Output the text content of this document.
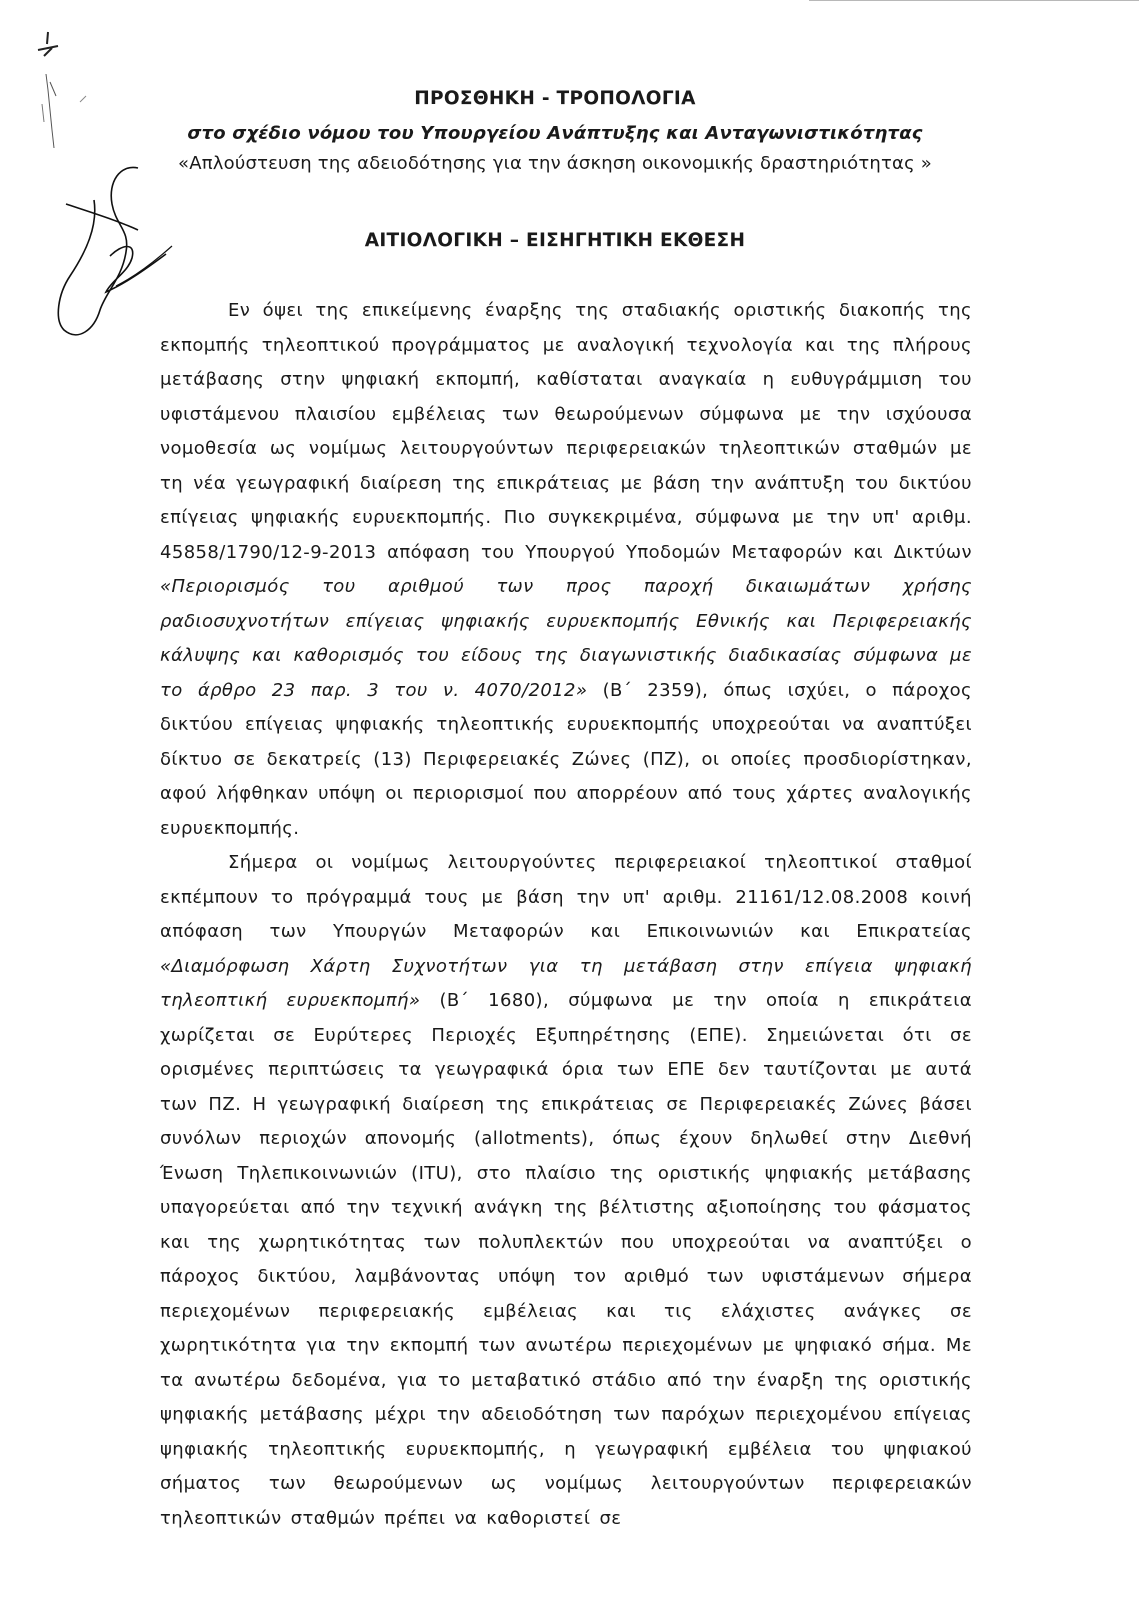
ΠΡΟΣΘΗΚΗ - ΤΡΟΠΟΛΟΓΙΑ
στο σχέδιο νόμου του Υπουργείου Ανάπτυξης και Ανταγωνιστικότητας
«Απλούστευση της αδειοδότησης για την άσκηση οικονομικής δραστηριότητας »
ΑΙΤΙΟΛΟΓΙΚΗ – ΕΙΣΗΓΗΤΙΚΗ ΕΚΘΕΣΗ

Εν όψει της επικείμενης έναρξης της σταδιακής οριστικής διακοπής της εκπομπής τηλεοπτικού προγράμματος με αναλογική τεχνολογία και της πλήρους μετάβασης στην ψηφιακή εκπομπή, καθίσταται αναγκαία η ευθυγράμμιση του υφιστάμενου πλαισίου εμβέλειας των θεωρούμενων σύμφωνα με την ισχύουσα νομοθεσία ως νομίμως λειτουργούντων περιφερειακών τηλεοπτικών σταθμών με τη νέα γεωγραφική διαίρεση της επικράτειας με βάση την ανάπτυξη του δικτύου επίγειας ψηφιακής ευρυεκπομπής. Πιο συγκεκριμένα, σύμφωνα με την υπ' αριθμ. 45858/1790/12-9-2013 απόφαση του Υπουργού Υποδομών Μεταφορών και Δικτύων «Περιορισμός του αριθμού των προς παροχή δικαιωμάτων χρήσης ραδιοσυχνοτήτων επίγειας ψηφιακής ευρυεκπομπής Εθνικής και Περιφερειακής κάλυψης και καθορισμός του είδους της διαγωνιστικής διαδικασίας σύμφωνα με το άρθρο 23 παρ. 3 του ν. 4070/2012» (Β΄ 2359), όπως ισχύει, ο πάροχος δικτύου επίγειας ψηφιακής τηλεοπτικής ευρυεκπομπής υποχρεούται να αναπτύξει δίκτυο σε δεκατρείς (13) Περιφερειακές Ζώνες (ΠΖ), οι οποίες προσδιορίστηκαν, αφού λήφθηκαν υπόψη οι περιορισμοί που απορρέουν από τους χάρτες αναλογικής ευρυεκπομπής.

Σήμερα οι νομίμως λειτουργούντες περιφερειακοί τηλεοπτικοί σταθμοί εκπέμπουν το πρόγραμμά τους με βάση την υπ' αριθμ. 21161/12.08.2008 κοινή απόφαση των Υπουργών Μεταφορών και Επικοινωνιών και Επικρατείας «Διαμόρφωση Χάρτη Συχνοτήτων για τη μετάβαση στην επίγεια ψηφιακή τηλεοπτική ευρυεκπομπή» (Β΄ 1680), σύμφωνα με την οποία η επικράτεια χωρίζεται σε Ευρύτερες Περιοχές Εξυπηρέτησης (ΕΠΕ). Σημειώνεται ότι σε ορισμένες περιπτώσεις τα γεωγραφικά όρια των ΕΠΕ δεν ταυτίζονται με αυτά των ΠΖ. Η γεωγραφική διαίρεση της επικράτειας σε Περιφερειακές Ζώνες βάσει συνόλων περιοχών απονομής (allotments), όπως έχουν δηλωθεί στην Διεθνή Ένωση Τηλεπικοινωνιών (ITU), στο πλαίσιο της οριστικής ψηφιακής μετάβασης υπαγορεύεται από την τεχνική ανάγκη της βέλτιστης αξιοποίησης του φάσματος και της χωρητικότητας των πολυπλεκτών που υποχρεούται να αναπτύξει ο πάροχος δικτύου, λαμβάνοντας υπόψη τον αριθμό των υφιστάμενων σήμερα περιεχομένων περιφερειακής εμβέλειας και τις ελάχιστες ανάγκες σε χωρητικότητα για την εκπομπή των ανωτέρω περιεχομένων με ψηφιακό σήμα. Με τα ανωτέρω δεδομένα, για το μεταβατικό στάδιο από την έναρξη της οριστικής ψηφιακής μετάβασης μέχρι την αδειοδότηση των παρόχων περιεχομένου επίγειας ψηφιακής τηλεοπτικής ευρυεκπομπής, η γεωγραφική εμβέλεια του ψηφιακού σήματος των θεωρούμενων ως νομίμως λειτουργούντων περιφερειακών τηλεοπτικών σταθμών πρέπει να καθοριστεί σε
